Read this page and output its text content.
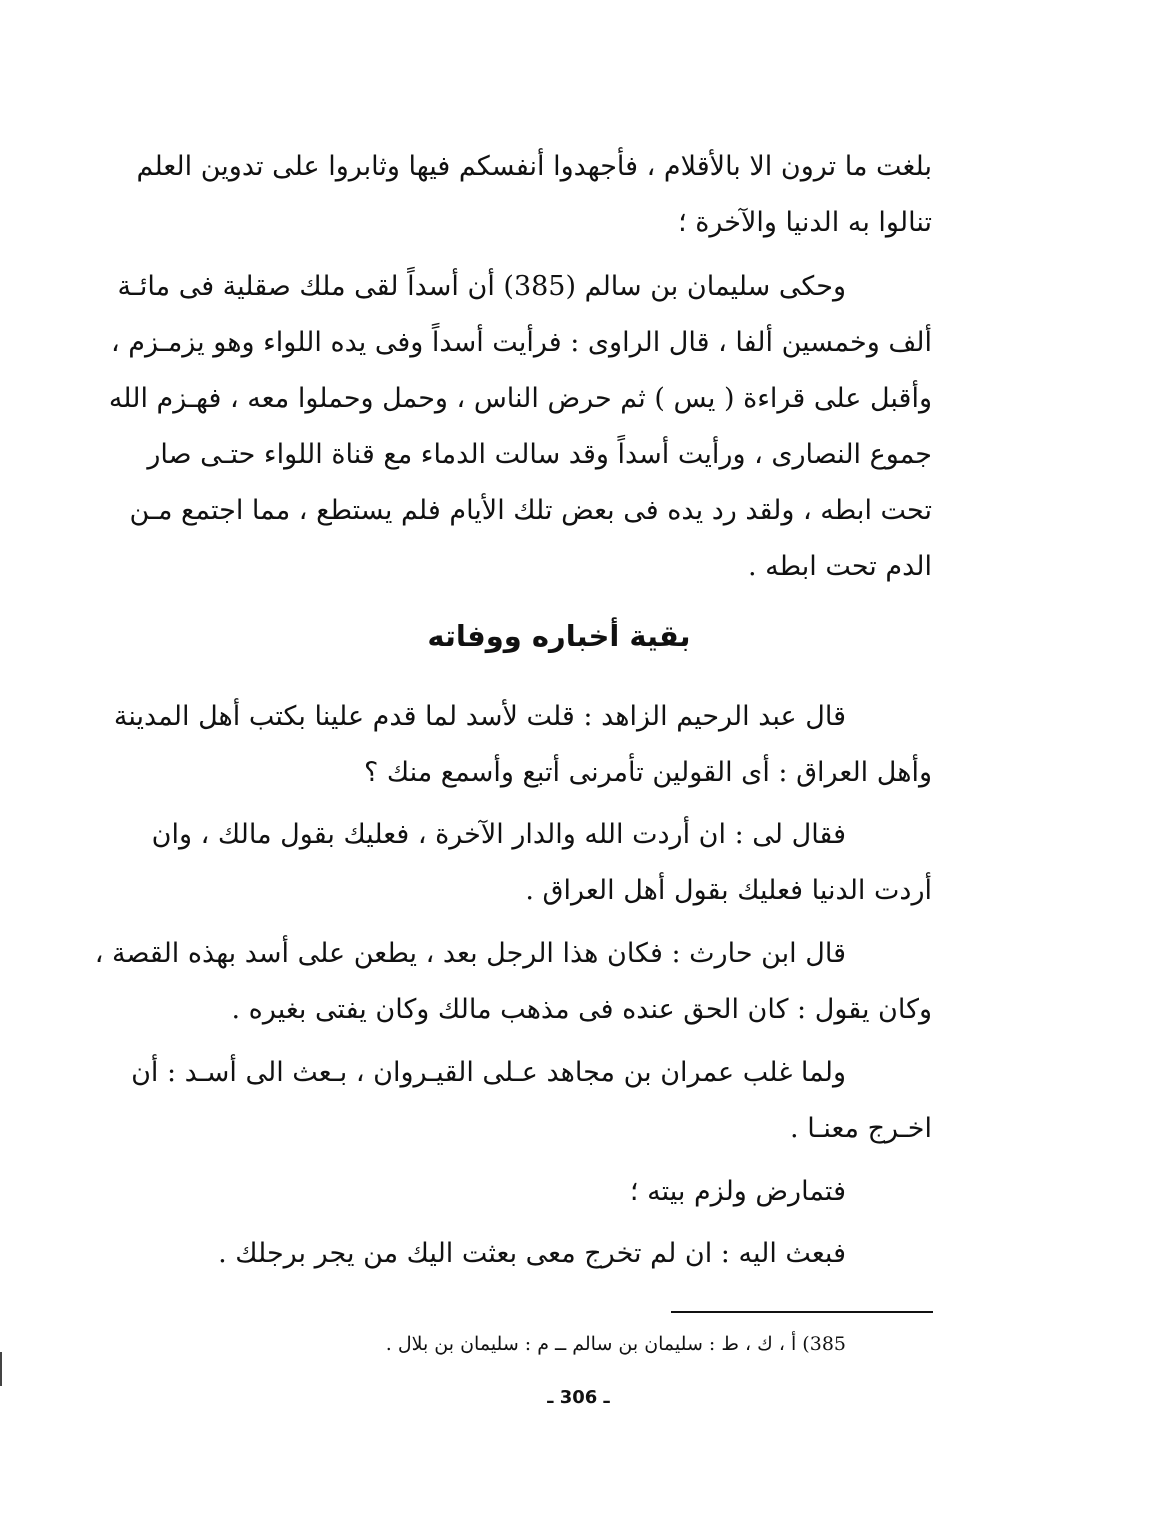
بلغت ما ترون الا بالأقلام ، فأجهدوا أنفسكم فيها وثابروا على تدوين العلم
تنالوا به الدنيا والآخرة ؛
وحكى سليمان بن سالم (385) أن أسداً لقى ملك صقلية فى مائـة
ألف وخمسين ألفا ، قال الراوى : فرأيت أسداً وفى يده اللواء وهو يزمـزم ،
وأقبل على قراءة ( يس ) ثم حرض الناس ، وحمل وحملوا معه ، فهـزم الله
جموع النصارى ، ورأيت أسداً وقد سالت الدماء مع قناة اللواء حتـى صار
تحت ابطه ، ولقد رد يده فى بعض تلك الأيام فلم يستطع ، مما اجتمع مـن
الدم تحت ابطه .
بقية أخباره ووفاته
قال عبد الرحيم الزاهد : قلت لأسد لما قدم علينا بكتب أهل المدينة
وأهل العراق : أى القولين تأمرنى أتبع وأسمع منك ؟
فقال لى : ان أردت الله والدار الآخرة ، فعليك بقول مالك ، وان
أردت الدنيا فعليك بقول أهل العراق .
قال ابن حارث : فكان هذا الرجل بعد ، يطعن على أسد بهذه القصة ،
وكان يقول : كان الحق عنده فى مذهب مالك وكان يفتى بغيره .
ولما غلب عمران بن مجاهد عـلى القيـروان ، بـعث الى أسـد : أن
اخـرج معنـا .
فتمارض ولزم بيته ؛
فبعث اليه : ان لم تخرج معى بعثت اليك من يجر برجلك .
385) أ ، ك ، ط : سليمان بن سالم ــ م : سليمان بن بلال .
ـ 306 ـ
